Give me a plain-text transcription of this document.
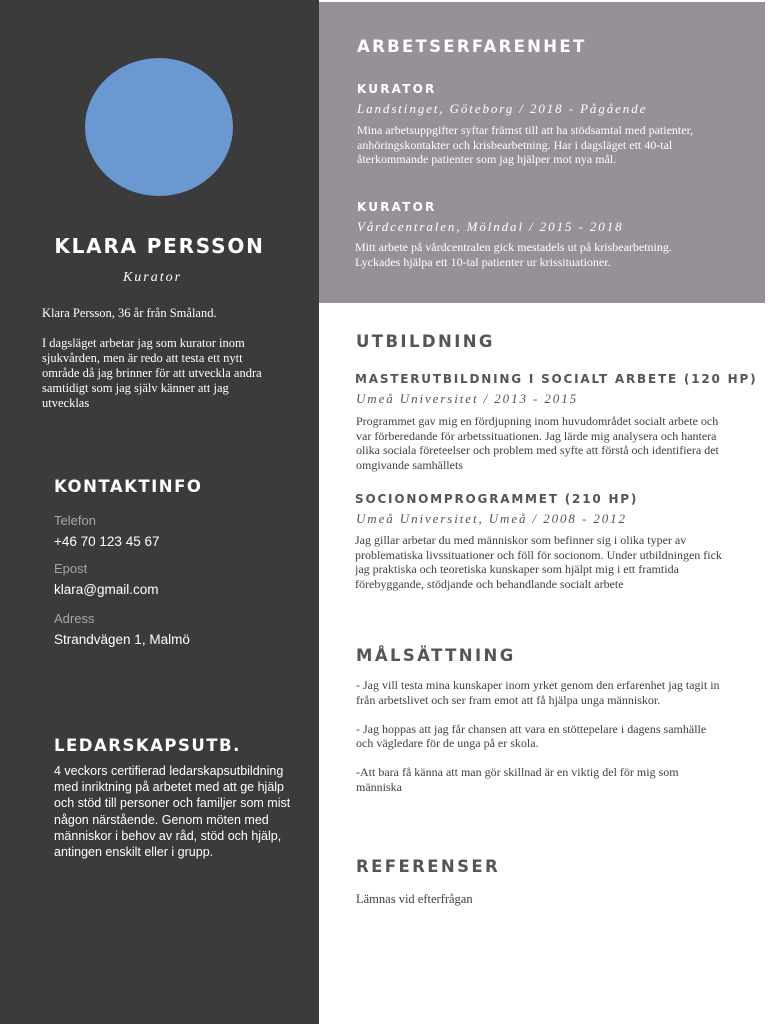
KLARA PERSSON

Kurator

Klara Persson, 36 år från Småland.

I dagsläget arbetar jag som kurator inom sjukvården, men är redo att testa ett nytt område då jag brinner för att utveckla andra samtidigt som jag själv känner att jag utvecklas

KONTAKTINFO

Telefon

+46 70 123 45 67

Epost

klara@gmail.com

Adress

Strandvägen 1, Malmö

LEDARSKAPSUTB.

4 veckors certifierad ledarskapsutbildning med inriktning på arbetet med att ge hjälp och stöd till personer och familjer som mist någon närstående. Genom möten med människor i behov av råd, stöd och hjälp, antingen enskilt eller i grupp.

ARBETSERFARENHET
KURATOR

Landstinget, Göteborg / 2018 - Pågående

Mina arbetsuppgifter syftar främst till att ha stödsamtal med patienter, anhöringskontakter och krisbearbetning. Har i dagsläget ett 40-tal återkommande patienter som jag hjälper mot nya mål.

KURATOR

Vårdcentralen, Mölndal / 2015 - 2018

Mitt arbete på vårdcentralen gick mestadels ut på krisbearbetning. Lyckades hjälpa ett 10-tal patienter ur krissituationer.

UTBILDNING
MASTERUTBILDNING I SOCIALT ARBETE (120 HP)

Umeå Universitet / 2013 - 2015

Programmet gav mig en fördjupning inom huvudområdet socialt arbete och var förberedande för arbetssituationen. Jag lärde mig analysera och hantera olika sociala företeelser och problem med syfte att förstå och identifiera det omgivande samhällets

SOCIONOMPROGRAMMET (210 HP)

Umeå Universitet, Umeå / 2008 - 2012

Jag gillar arbetar du med människor som befinner sig i olika typer av problematiska livssituationer och föll för socionom. Under utbildningen fick jag praktiska och teoretiska kunskaper som hjälpt mig i ett framtida förebyggande, stödjande och behandlande socialt arbete

MÅLSÄTTNING

- Jag vill testa mina kunskaper inom yrket genom den erfarenhet jag tagit in från arbetslivet och ser fram emot att få hjälpa unga människor.

- Jag hoppas att jag får chansen att vara en stöttepelare i dagens samhälle och vägledare för de unga på er skola.

-Att bara få känna att man gör skillnad är en viktig del för mig som människa

REFERENSER

Lämnas vid efterfrågan
